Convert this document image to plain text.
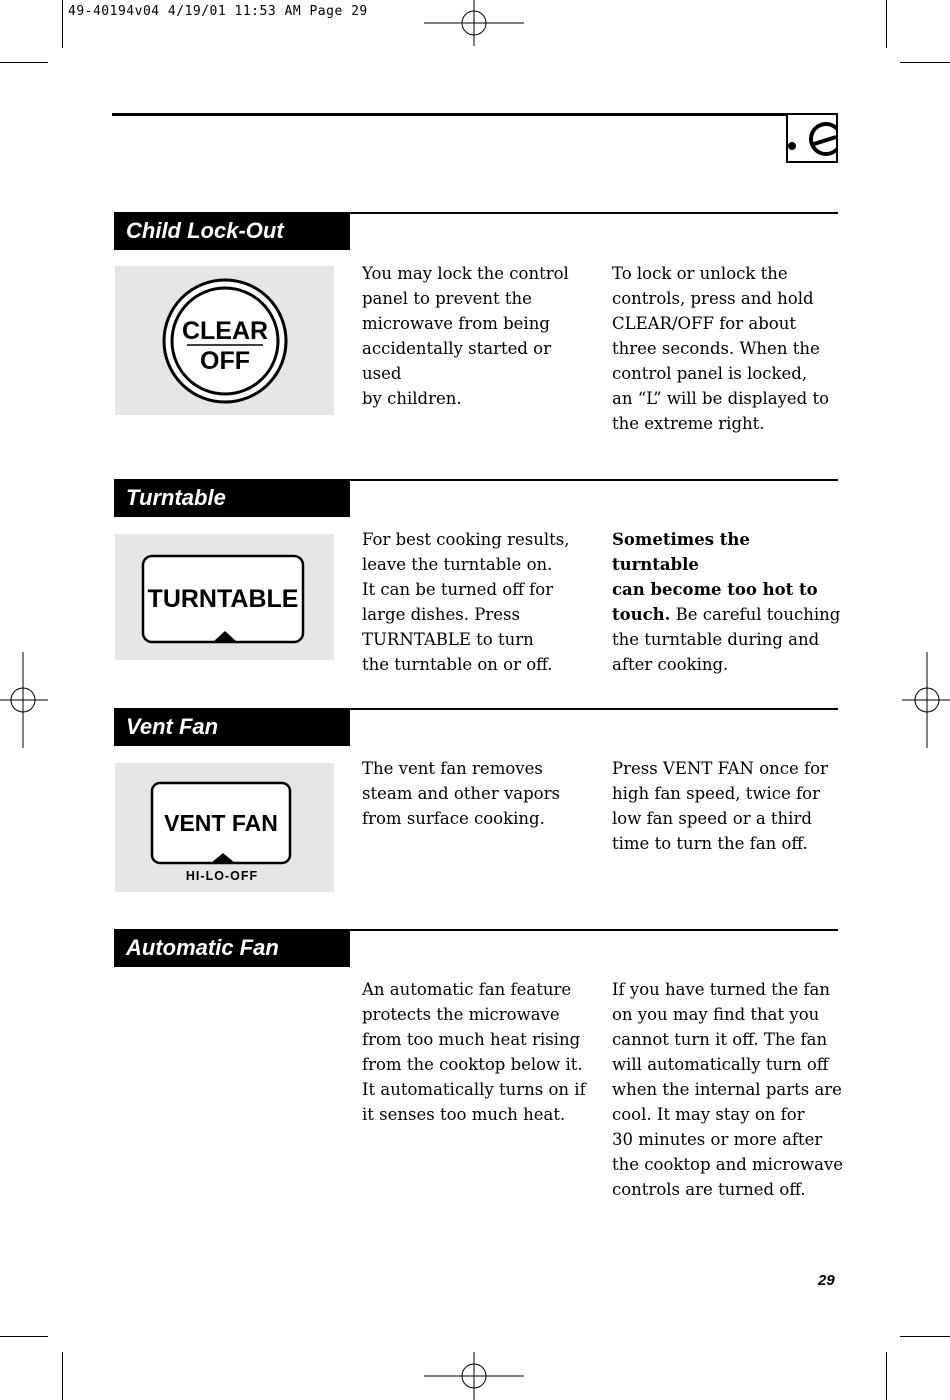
49-40194v04 4/19/01 11:53 AM Page 29
Child Lock-Out
CLEAR
OFF
You may lock the control
panel to prevent the
microwave from being
accidentally started or used
by children.
To lock or unlock the
controls, press and hold
CLEAR/OFF for about
three seconds. When the
control panel is locked,
an “L” will be displayed to
the extreme right.
Turntable
TURNTABLE
For best cooking results,
leave the turntable on.
It can be turned off for
large dishes. Press
TURNTABLE to turn
the turntable on or off.
Sometimes the turntable
can become too hot to
touch. Be careful touching
the turntable during and
after cooking.
Vent Fan
VENT FAN
HI-LO-OFF
The vent fan removes
steam and other vapors
from surface cooking.
Press VENT FAN once for
high fan speed, twice for
low fan speed or a third
time to turn the fan off.
Automatic Fan
An automatic fan feature
protects the microwave
from too much heat rising
from the cooktop below it.
It automatically turns on if
it senses too much heat.
If you have turned the fan
on you may find that you
cannot turn it off. The fan
will automatically turn off
when the internal parts are
cool. It may stay on for
30 minutes or more after
the cooktop and microwave
controls are turned off.
29
